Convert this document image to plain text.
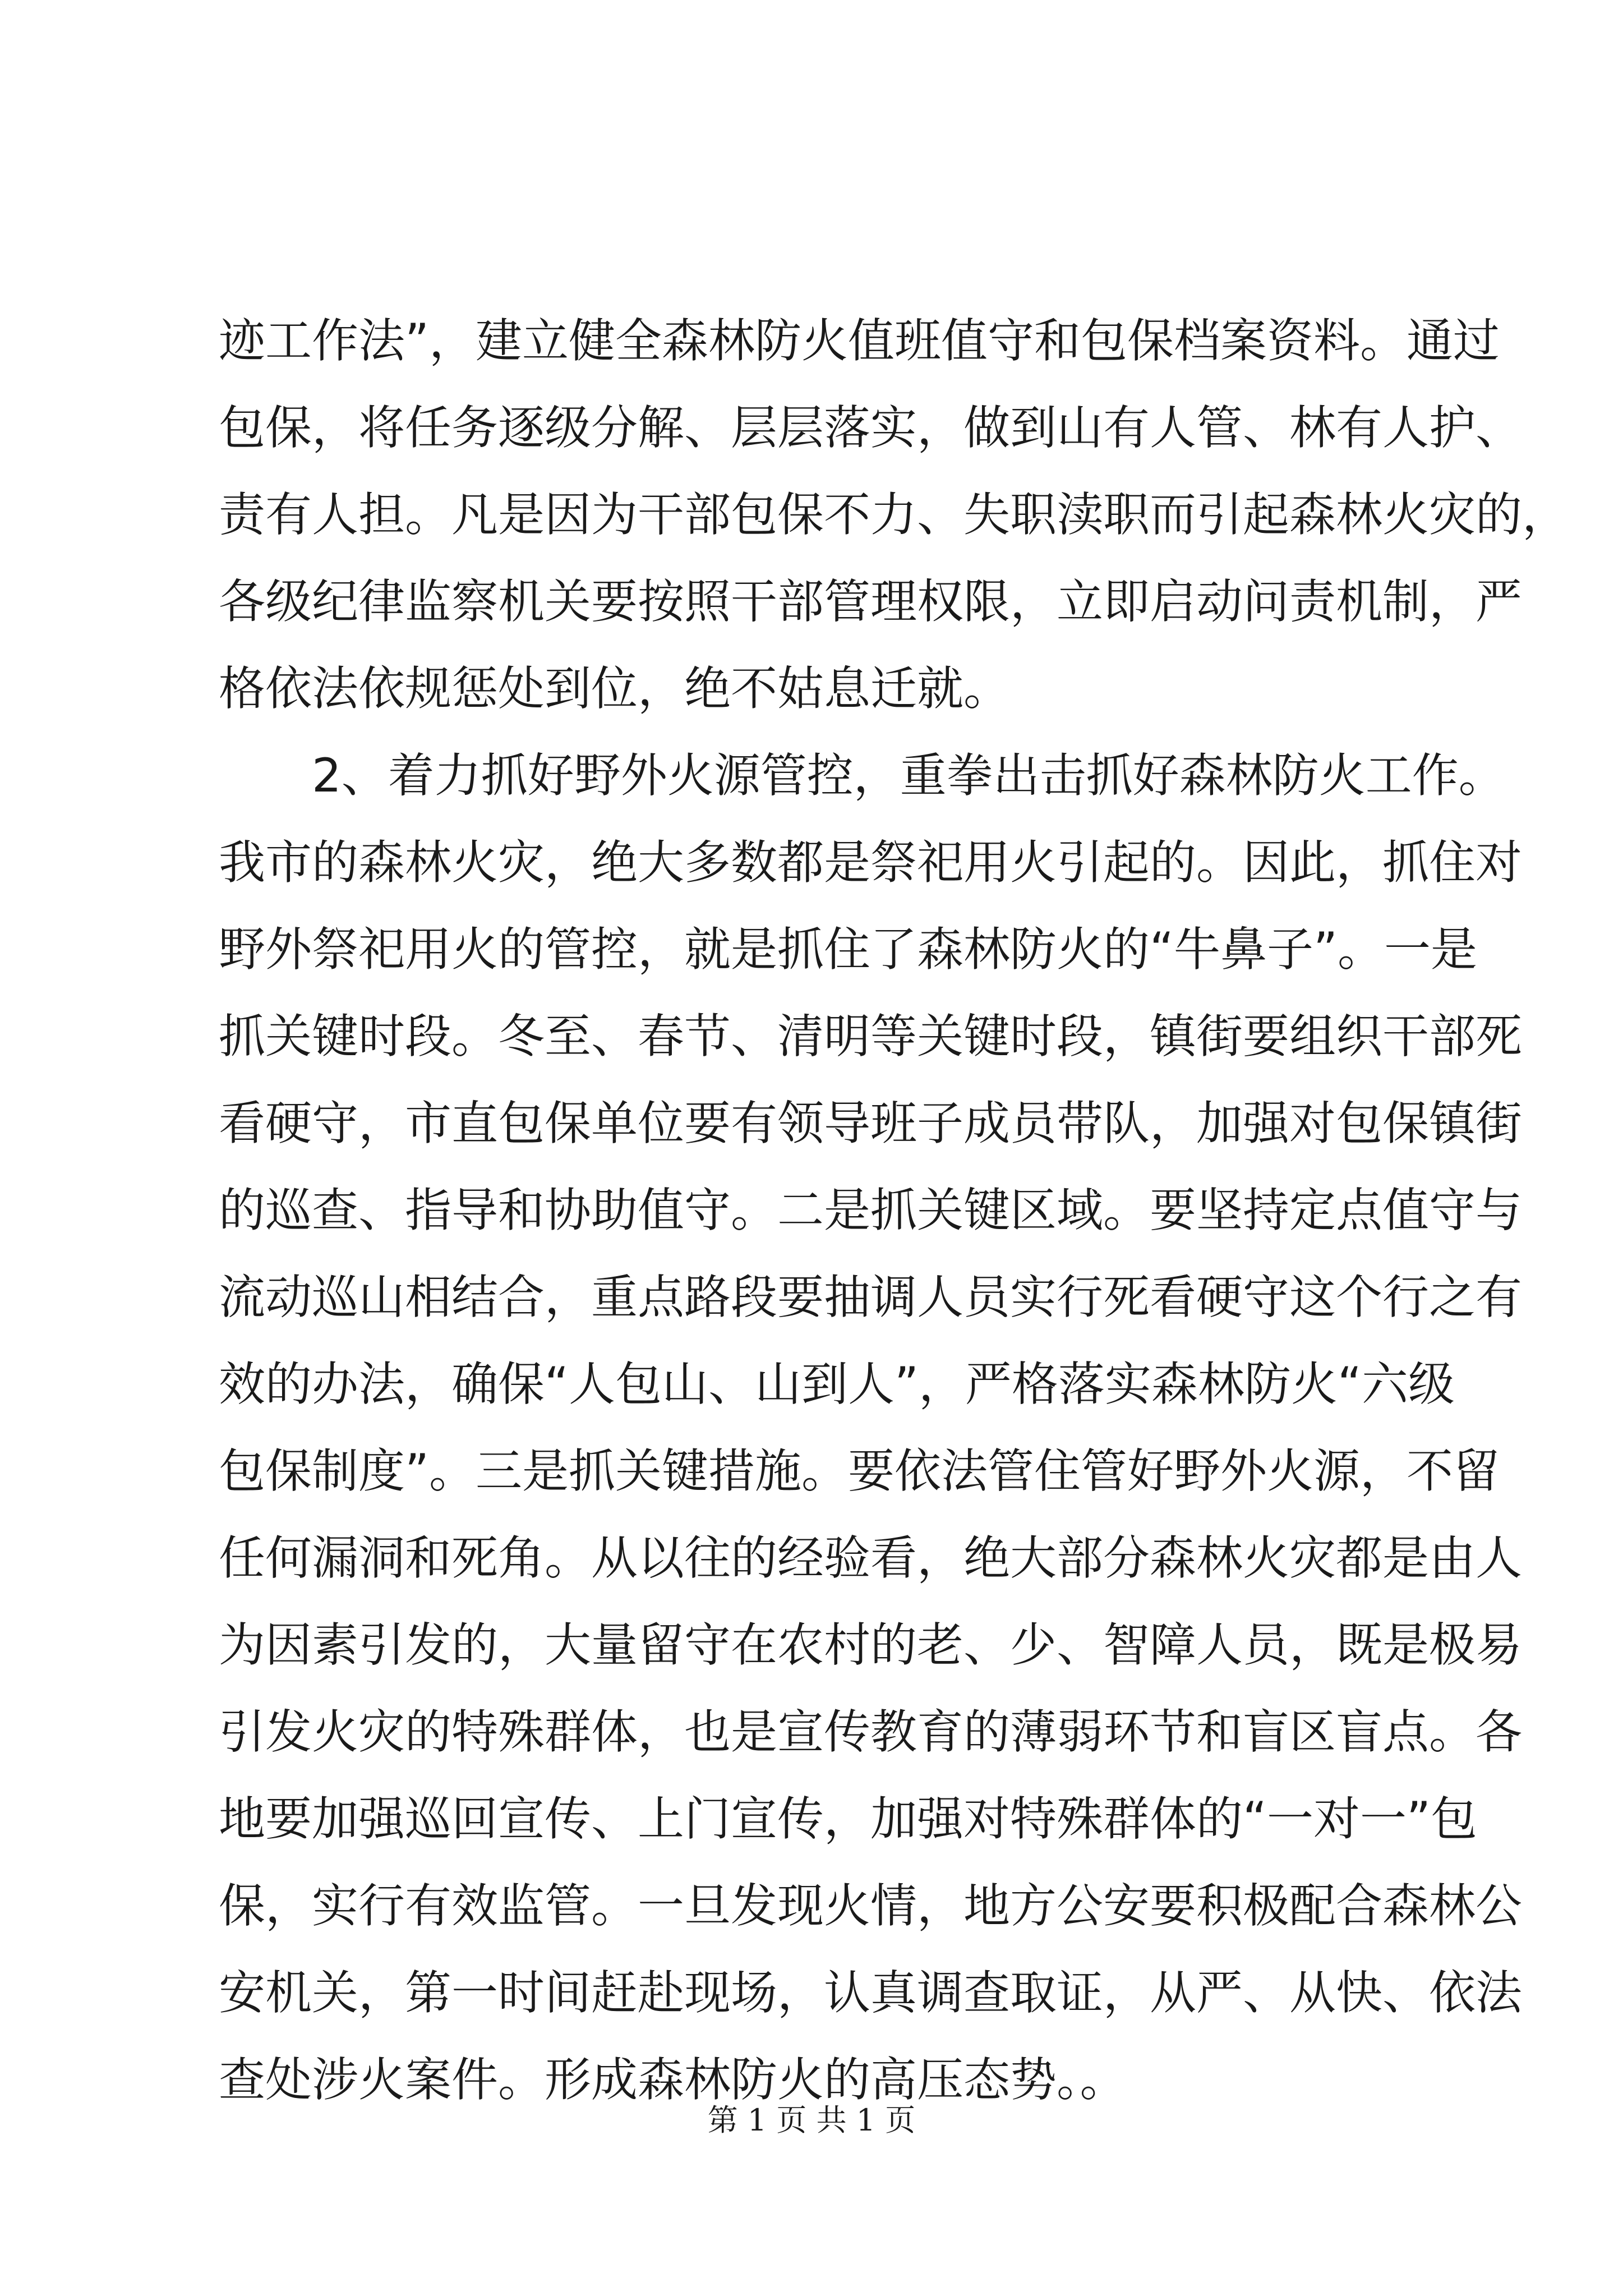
迹工作法”，建立健全森林防火值班值守和包保档案资料。通过
包保，将任务逐级分解、层层落实，做到山有人管、林有人护、
责有人担。凡是因为干部包保不力、失职渎职而引起森林火灾的，
各级纪律监察机关要按照干部管理权限，立即启动问责机制，严
格依法依规惩处到位，绝不姑息迁就。
　　2、着力抓好野外火源管控，重拳出击抓好森林防火工作。
我市的森林火灾，绝大多数都是祭祀用火引起的。因此，抓住对
野外祭祀用火的管控，就是抓住了森林防火的“牛鼻子”。一是
抓关键时段。冬至、春节、清明等关键时段，镇街要组织干部死
看硬守，市直包保单位要有领导班子成员带队，加强对包保镇街
的巡查、指导和协助值守。二是抓关键区域。要坚持定点值守与
流动巡山相结合，重点路段要抽调人员实行死看硬守这个行之有
效的办法，确保“人包山、山到人”，严格落实森林防火“六级
包保制度”。三是抓关键措施。要依法管住管好野外火源，不留
任何漏洞和死角。从以往的经验看，绝大部分森林火灾都是由人
为因素引发的，大量留守在农村的老、少、智障人员，既是极易
引发火灾的特殊群体，也是宣传教育的薄弱环节和盲区盲点。各
地要加强巡回宣传、上门宣传，加强对特殊群体的“一对一”包
保，实行有效监管。一旦发现火情，地方公安要积极配合森林公
安机关，第一时间赶赴现场，认真调查取证，从严、从快、依法
查处涉火案件。形成森林防火的高压态势。。
第 1 页 共 1 页
